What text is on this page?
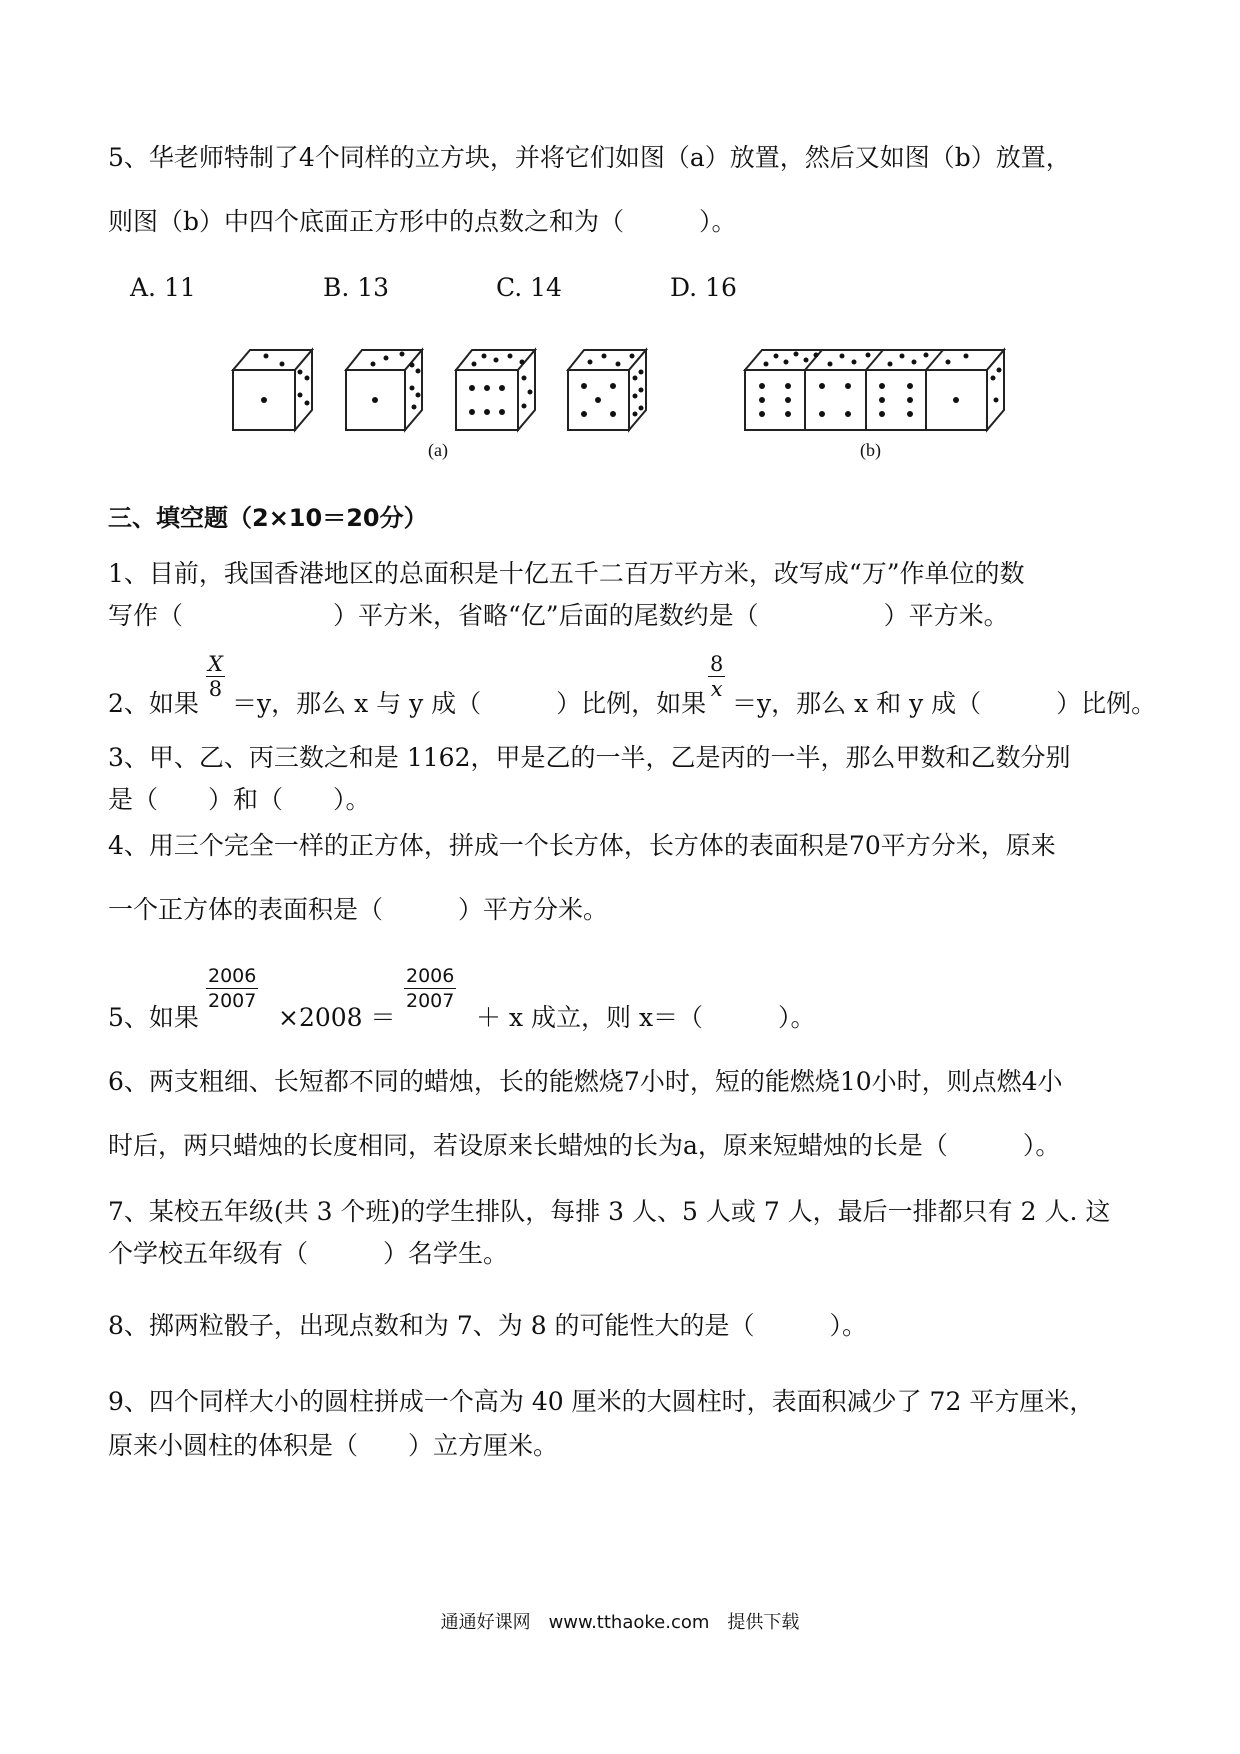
5、华老师特制了4个同样的立方块，并将它们如图（a）放置，然后又如图（b）放置，
则图（b）中四个底面正方形中的点数之和为（　　　）。
A. 11	B. 13	C. 14	D. 16
(a)	(b)
三、填空题（2×10＝20分）
1、目前，我国香港地区的总面积是十亿五千二百万平方米，改写成“万”作单位的数
写作（　　　　　　）平方米，省略“亿”后面的尾数约是（　　　　　）平方米。
2、如果
$\frac{X}{8}$
＝y，那么 x 与 y 成（　　　）比例，如果
$\frac{8}{x}$
＝y，那么 x 和 y 成（　　　）比例。
3、甲、乙、丙三数之和是 1162，甲是乙的一半，乙是丙的一半，那么甲数和乙数分别
是（　　）和（　　）。
4、用三个完全一样的正方体，拼成一个长方体，长方体的表面积是70平方分米，原来
一个正方体的表面积是（　　　）平方分米。
5、如果
$\frac{2006}{2007}$
×2008 ＝
$\frac{2006}{2007}$
＋ x 成立，则 x＝（　　　）。
6、两支粗细、长短都不同的蜡烛，长的能燃烧7小时，短的能燃烧10小时，则点燃4小
时后，两只蜡烛的长度相同，若设原来长蜡烛的长为a，原来短蜡烛的长是（　　　）。
7、某校五年级(共 3 个班)的学生排队，每排 3 人、5 人或 7 人，最后一排都只有 2 人. 这
个学校五年级有（　　　）名学生。
8、掷两粒骰子，出现点数和为 7、为 8 的可能性大的是（　　　）。
9、四个同样大小的圆柱拼成一个高为 40 厘米的大圆柱时，表面积减少了 72 平方厘米，
原来小圆柱的体积是（　　）立方厘米。
通通好课网　www.tthaoke.com　提供下载
